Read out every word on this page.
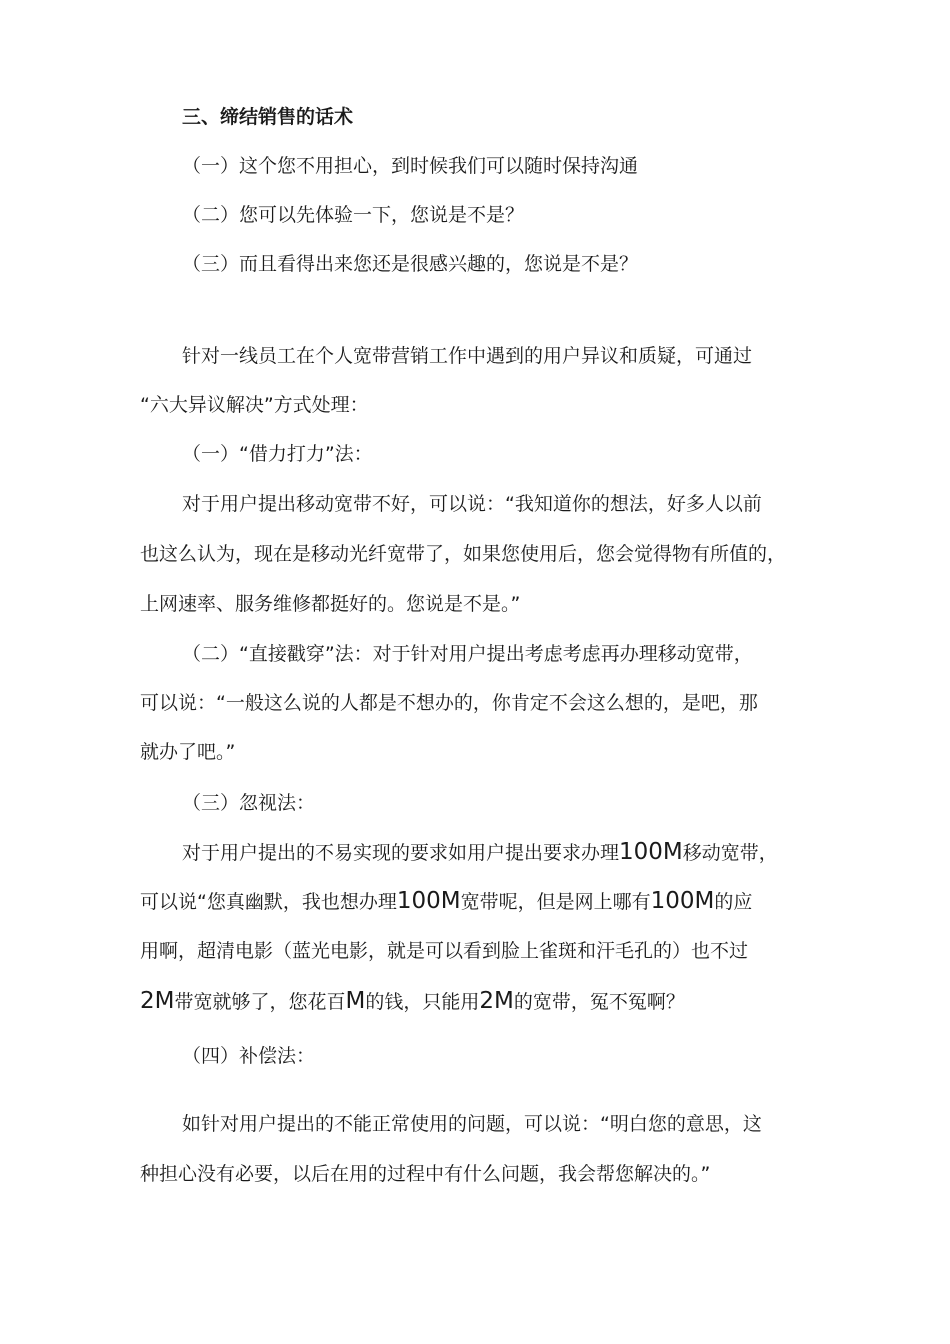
三、缔结销售的话术

（一）这个您不用担心，到时候我们可以随时保持沟通

（二）您可以先体验一下，您说是不是？

（三）而且看得出来您还是很感兴趣的，您说是不是？

针对一线员工在个人宽带营销工作中遇到的用户异议和质疑，可通过

“六大异议解决”方式处理：

（一）“借力打力”法：

对于用户提出移动宽带不好，可以说：“我知道你的想法，好多人以前

也这么认为，现在是移动光纤宽带了，如果您使用后，您会觉得物有所值的，

上网速率、服务维修都挺好的。您说是不是。”

（二）“直接戳穿”法：对于针对用户提出考虑考虑再办理移动宽带，

可以说：“一般这么说的人都是不想办的，你肯定不会这么想的，是吧，那

就办了吧。”

（三）忽视法：

对于用户提出的不易实现的要求如用户提出要求办理100M移动宽带，

可以说“您真幽默，我也想办理100M宽带呢，但是网上哪有100M的应

用啊，超清电影（蓝光电影，就是可以看到脸上雀斑和汗毛孔的）也不过

2M带宽就够了，您花百M的钱，只能用2M的宽带，冤不冤啊？

（四）补偿法：

如针对用户提出的不能正常使用的问题，可以说：“明白您的意思，这

种担心没有必要，以后在用的过程中有什么问题，我会帮您解决的。”
